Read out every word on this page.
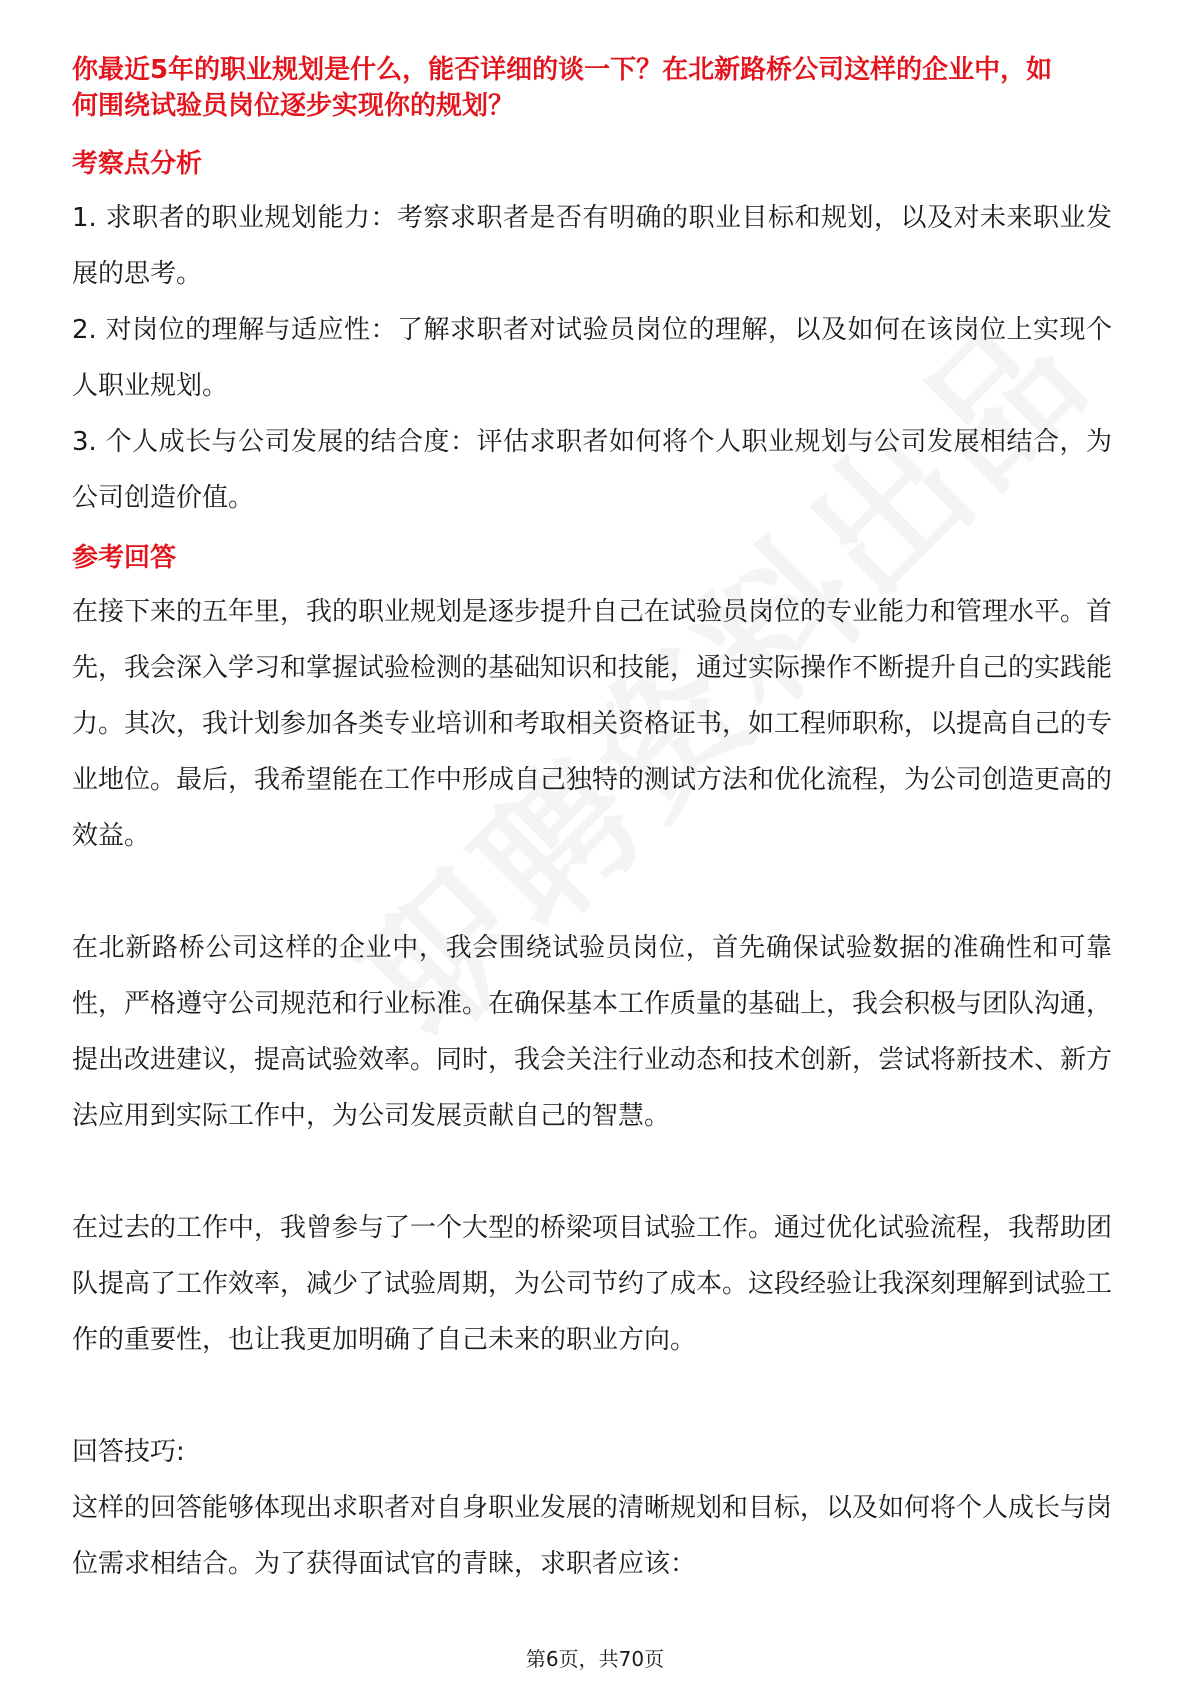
你最近5年的职业规划是什么，能否详细的谈一下？在北新路桥公司这样的企业中，如何围绕试验员岗位逐步实现你的规划？

考察点分析

1. 求职者的职业规划能力：考察求职者是否有明确的职业目标和规划，以及对未来职业发展的思考。

2. 对岗位的理解与适应性：了解求职者对试验员岗位的理解，以及如何在该岗位上实现个人职业规划。

3. 个人成长与公司发展的结合度：评估求职者如何将个人职业规划与公司发展相结合，为公司创造价值。

参考回答

在接下来的五年里，我的职业规划是逐步提升自己在试验员岗位的专业能力和管理水平。首先，我会深入学习和掌握试验检测的基础知识和技能，通过实际操作不断提升自己的实践能力。其次，我计划参加各类专业培训和考取相关资格证书，如工程师职称，以提高自己的专业地位。最后，我希望能在工作中形成自己独特的测试方法和优化流程，为公司创造更高的效益。

在北新路桥公司这样的企业中，我会围绕试验员岗位，首先确保试验数据的准确性和可靠性，严格遵守公司规范和行业标准。在确保基本工作质量的基础上，我会积极与团队沟通，提出改进建议，提高试验效率。同时，我会关注行业动态和技术创新，尝试将新技术、新方法应用到实际工作中，为公司发展贡献自己的智慧。

在过去的工作中，我曾参与了一个大型的桥梁项目试验工作。通过优化试验流程，我帮助团队提高了工作效率，减少了试验周期，为公司节约了成本。这段经验让我深刻理解到试验工作的重要性，也让我更加明确了自己未来的职业方向。

回答技巧:

这样的回答能够体现出求职者对自身职业发展的清晰规划和目标，以及如何将个人成长与岗位需求相结合。为了获得面试官的青睐，求职者应该：

第6页，共70页
